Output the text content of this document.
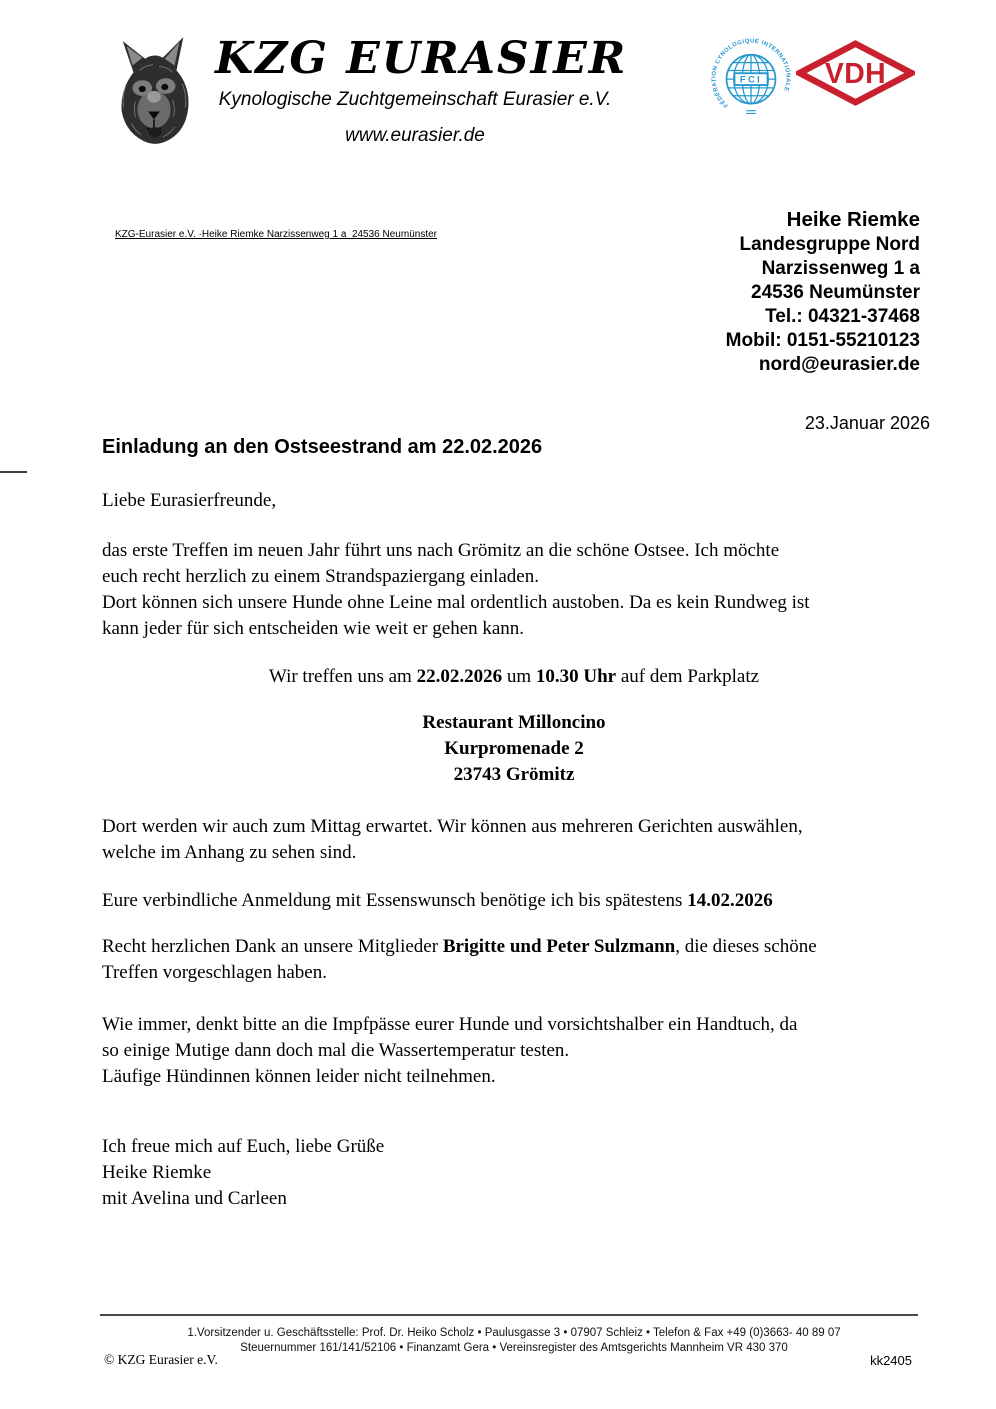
KZG EURASIER
Kynologische Zuchtgemeinschaft Eurasier e.V.
www.eurasier.de
FÉDÉRATION CYNOLOGIQUE INTERNATIONALE
FCI VDH
KZG-Eurasier e.V. ·Heike Riemke Narzissenweg 1 a  24536 Neumünster
Heike Riemke
Landesgruppe Nord
Narzissenweg 1 a
24536 Neumünster
Tel.: 04321-37468
Mobil: 0151-55210123
nord@eurasier.de
23.Januar 2026
Einladung an den Ostseestrand am 22.02.2026
Liebe Eurasierfreunde,
das erste Treffen im neuen Jahr führt uns nach Grömitz an die schöne Ostsee. Ich möchte
euch recht herzlich zu einem Strandspaziergang einladen.
Dort können sich unsere Hunde ohne Leine mal ordentlich austoben. Da es kein Rundweg ist
kann jeder für sich entscheiden wie weit er gehen kann.
Wir treffen uns am 22.02.2026 um 10.30 Uhr auf dem Parkplatz
Restaurant Milloncino
Kurpromenade 2
23743 Grömitz
Dort werden wir auch zum Mittag erwartet. Wir können aus mehreren Gerichten auswählen,
welche im Anhang zu sehen sind.
Eure verbindliche Anmeldung mit Essenswunsch benötige ich bis spätestens 14.02.2026
Recht herzlichen Dank an unsere Mitglieder Brigitte und Peter Sulzmann, die dieses schöne
Treffen vorgeschlagen haben.
Wie immer, denkt bitte an die Impfpässe eurer Hunde und vorsichtshalber ein Handtuch, da
so einige Mutige dann doch mal die Wassertemperatur testen.
Läufige Hündinnen können leider nicht teilnehmen.
Ich freue mich auf Euch, liebe Grüße
Heike Riemke
mit Avelina und Carleen
1.Vorsitzender u. Geschäftsstelle: Prof. Dr. Heiko Scholz • Paulusgasse 3 • 07907 Schleiz • Telefon & Fax +49 (0)3663- 40 89 07
Steuernummer 161/141/52106 • Finanzamt Gera • Vereinsregister des Amtsgerichts Mannheim VR 430 370
© KZG Eurasier e.V.	kk2405
